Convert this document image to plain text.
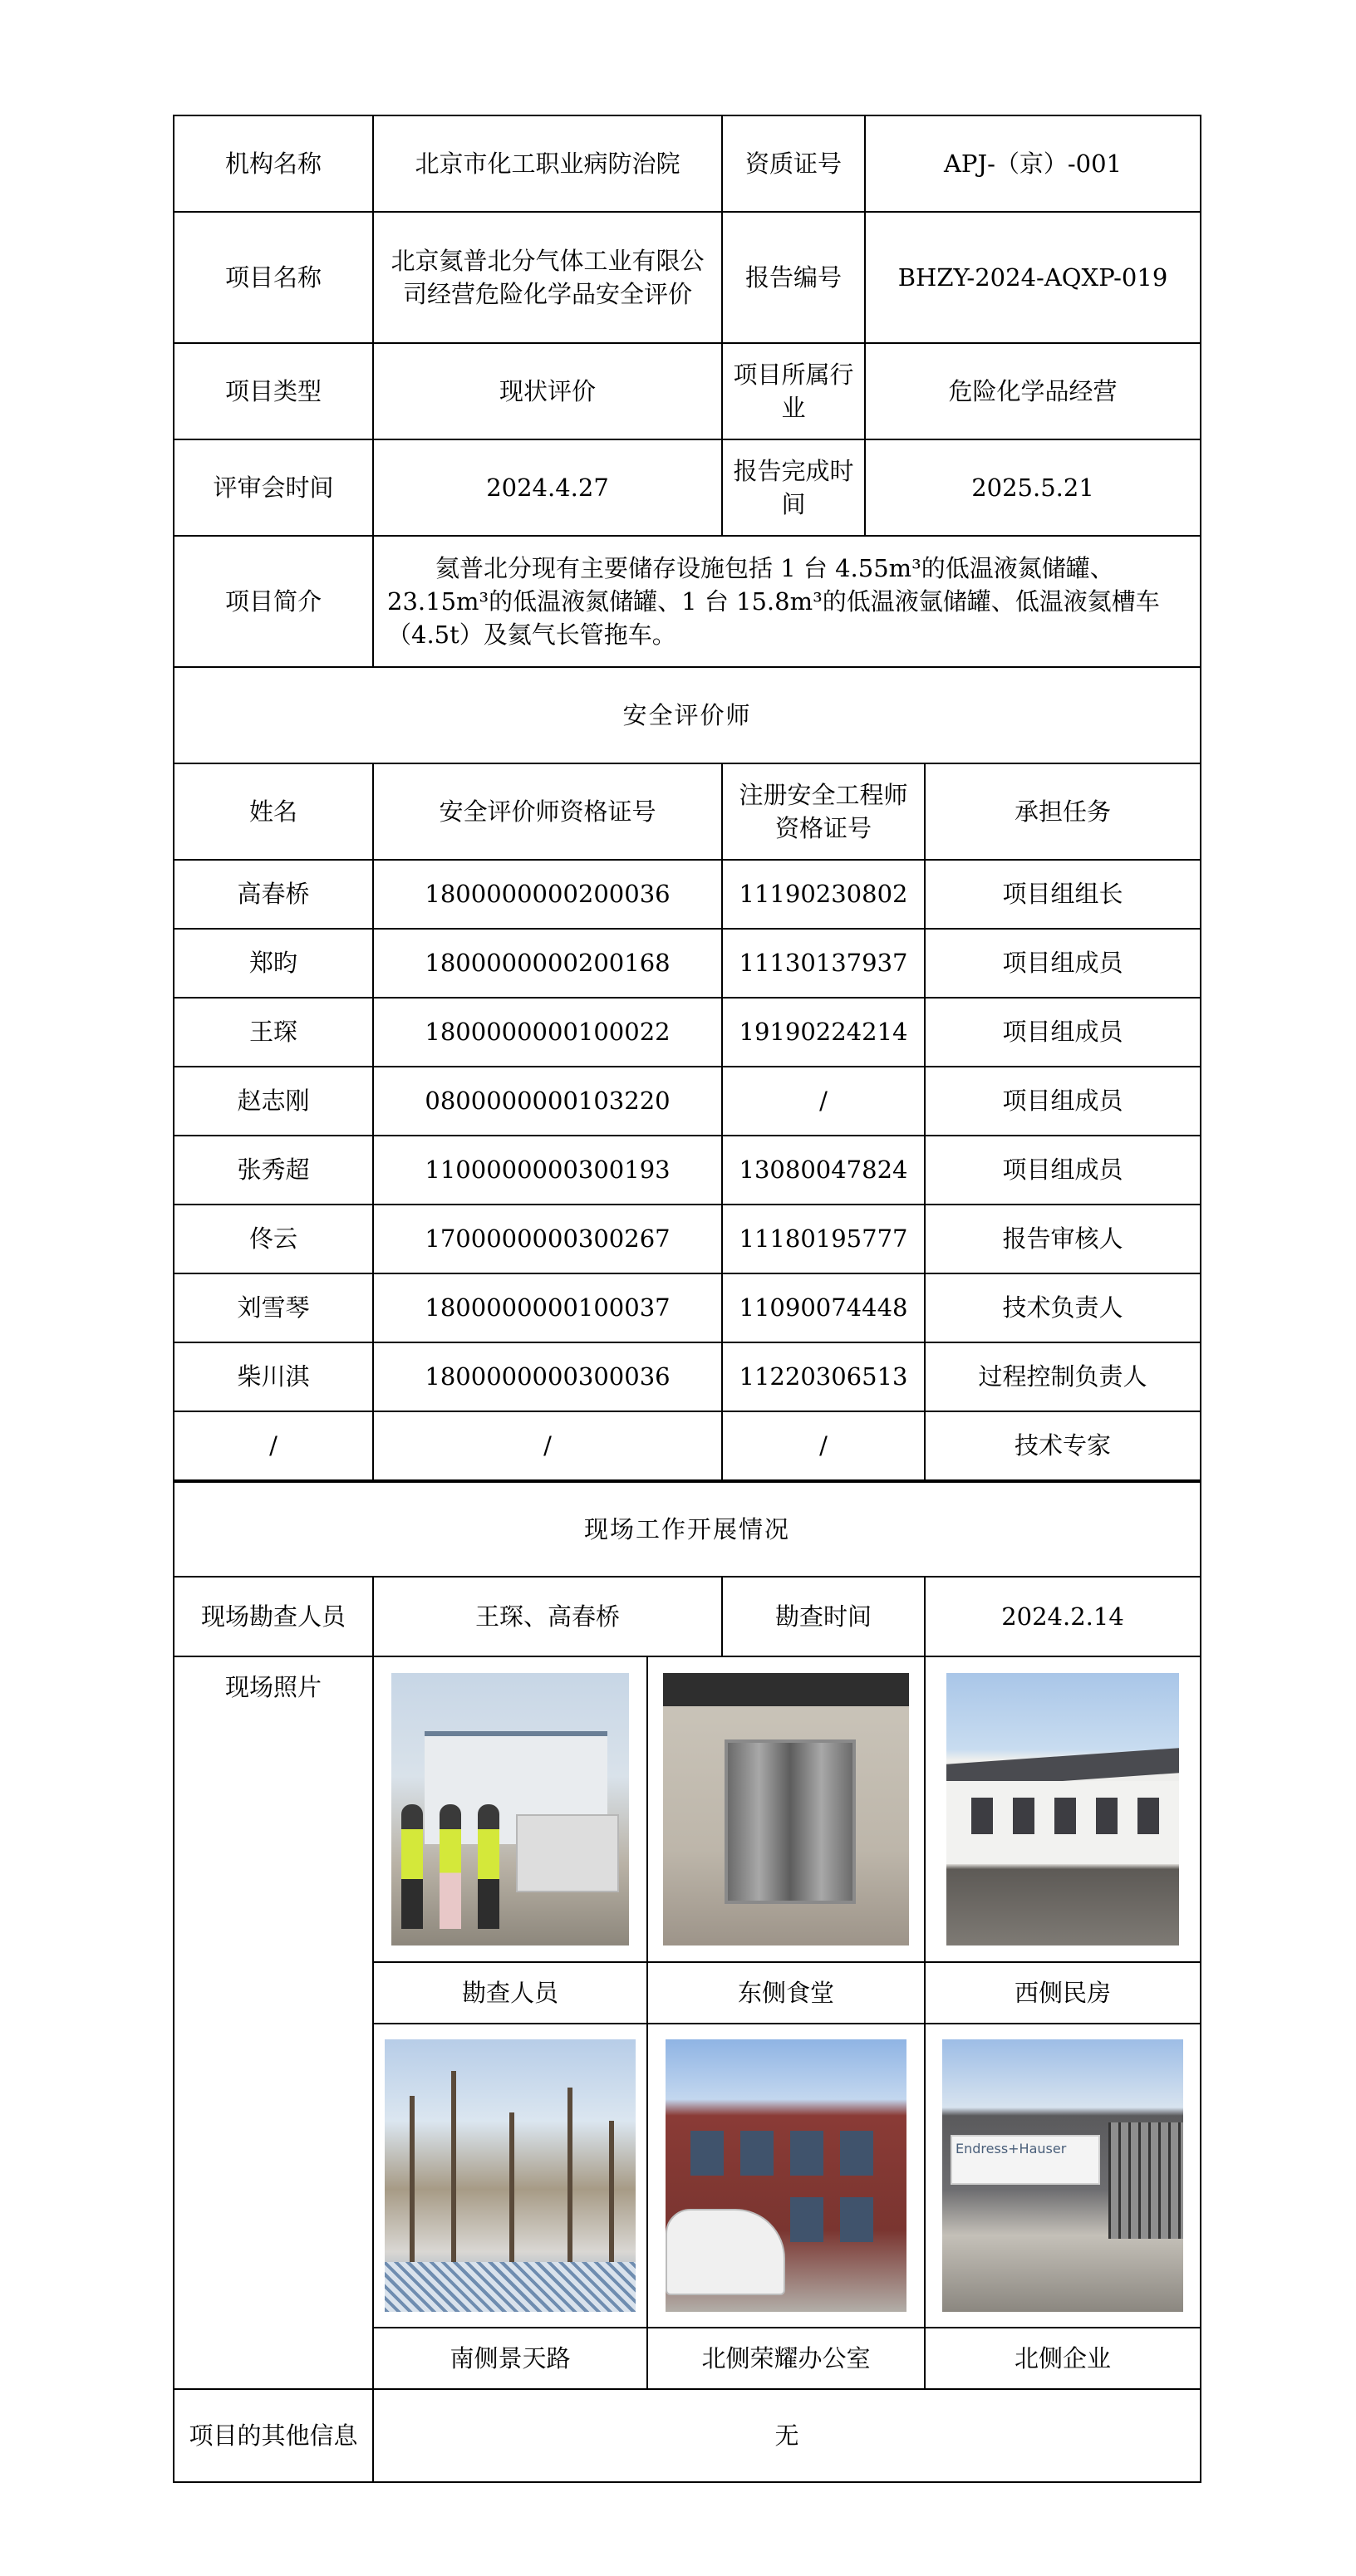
机构名称	北京市化工职业病防治院	资质证号	APJ-（京）-001	
项目名称	北京氦普北分气体工业有限公司经营危险化学品安全评价	报告编号	BHZY-2024-AQXP-019	
项目类型	现状评价	项目所属行业	危险化学品经营	
评审会时间	2024.4.27	报告完成时间	2025.5.21	
项目简介	氦普北分现有主要储存设施包括 1 台 4.55m³的低温液氮储罐、23.15m³的低温液氮储罐、1 台 15.8m³的低温液氩储罐、低温液氦槽车（4.5t）及氦气长管拖车。			
安全评价师				
姓名	安全评价师资格证号	注册安全工程师资格证号		承担任务
高春桥	1800000000200036	11190230802		项目组组长
郑昀	1800000000200168	11130137937		项目组成员
王琛	1800000000100022	19190224214		项目组成员
赵志刚	0800000000103220	/		项目组成员
张秀超	1100000000300193	13080047824		项目组成员
佟云	1700000000300267	11180195777		报告审核人
刘雪琴	1800000000100037	11090074448		技术负责人
柴川淇	1800000000300036	11220306513		过程控制负责人
/	/	/		技术专家
现场工作开展情况				
现场勘查人员	王琛、高春桥		勘查时间	2024.2.14
现场照片		

	勘查人员	东侧食堂		西侧民房

				Endress+Hauser

	南侧景天路	北侧荣耀办公室		北侧企业
项目的其他信息	无			
